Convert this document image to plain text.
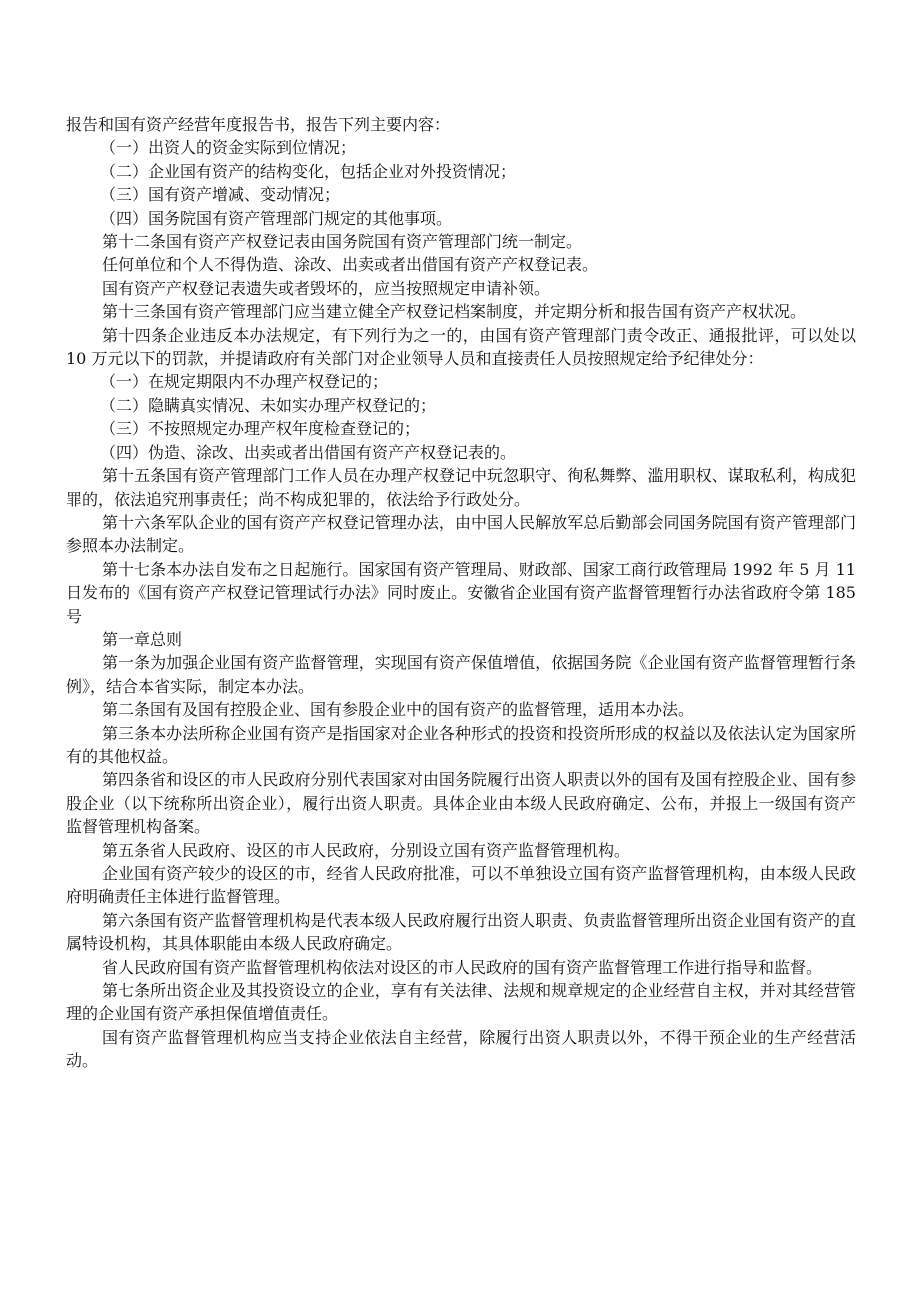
报告和国有资产经营年度报告书，报告下列主要内容：

（一）出资人的资金实际到位情况；

（二）企业国有资产的结构变化，包括企业对外投资情况；

（三）国有资产增减、变动情况；

（四）国务院国有资产管理部门规定的其他事项。

第十二条国有资产产权登记表由国务院国有资产管理部门统一制定。

任何单位和个人不得伪造、涂改、出卖或者出借国有资产产权登记表。

国有资产产权登记表遗失或者毁坏的，应当按照规定申请补领。

第十三条国有资产管理部门应当建立健全产权登记档案制度，并定期分析和报告国有资产产权状况。

第十四条企业违反本办法规定，有下列行为之一的，由国有资产管理部门责令改正、通报批评，可以处以 10 万元以下的罚款，并提请政府有关部门对企业领导人员和直接责任人员按照规定给予纪律处分：

（一）在规定期限内不办理产权登记的；

（二）隐瞒真实情况、未如实办理产权登记的；

（三）不按照规定办理产权年度检查登记的；

（四）伪造、涂改、出卖或者出借国有资产产权登记表的。

第十五条国有资产管理部门工作人员在办理产权登记中玩忽职守、徇私舞弊、滥用职权、谋取私利，构成犯罪的，依法追究刑事责任；尚不构成犯罪的，依法给予行政处分。

第十六条军队企业的国有资产产权登记管理办法，由中国人民解放军总后勤部会同国务院国有资产管理部门参照本办法制定。

第十七条本办法自发布之日起施行。国家国有资产管理局、财政部、国家工商行政管理局 1992 年 5 月 11 日发布的《国有资产产权登记管理试行办法》同时废止。安徽省企业国有资产监督管理暂行办法省政府令第 185 号

第一章总则

第一条为加强企业国有资产监督管理，实现国有资产保值增值，依据国务院《企业国有资产监督管理暂行条例》，结合本省实际，制定本办法。

第二条国有及国有控股企业、国有参股企业中的国有资产的监督管理，适用本办法。

第三条本办法所称企业国有资产是指国家对企业各种形式的投资和投资所形成的权益以及依法认定为国家所有的其他权益。

第四条省和设区的市人民政府分别代表国家对由国务院履行出资人职责以外的国有及国有控股企业、国有参股企业（以下统称所出资企业），履行出资人职责。具体企业由本级人民政府确定、公布，并报上一级国有资产监督管理机构备案。

第五条省人民政府、设区的市人民政府，分别设立国有资产监督管理机构。

企业国有资产较少的设区的市，经省人民政府批准，可以不单独设立国有资产监督管理机构，由本级人民政府明确责任主体进行监督管理。

第六条国有资产监督管理机构是代表本级人民政府履行出资人职责、负责监督管理所出资企业国有资产的直属特设机构，其具体职能由本级人民政府确定。

省人民政府国有资产监督管理机构依法对设区的市人民政府的国有资产监督管理工作进行指导和监督。

第七条所出资企业及其投资设立的企业，享有有关法律、法规和规章规定的企业经营自主权，并对其经营管理的企业国有资产承担保值增值责任。

国有资产监督管理机构应当支持企业依法自主经营，除履行出资人职责以外，不得干预企业的生产经营活动。
